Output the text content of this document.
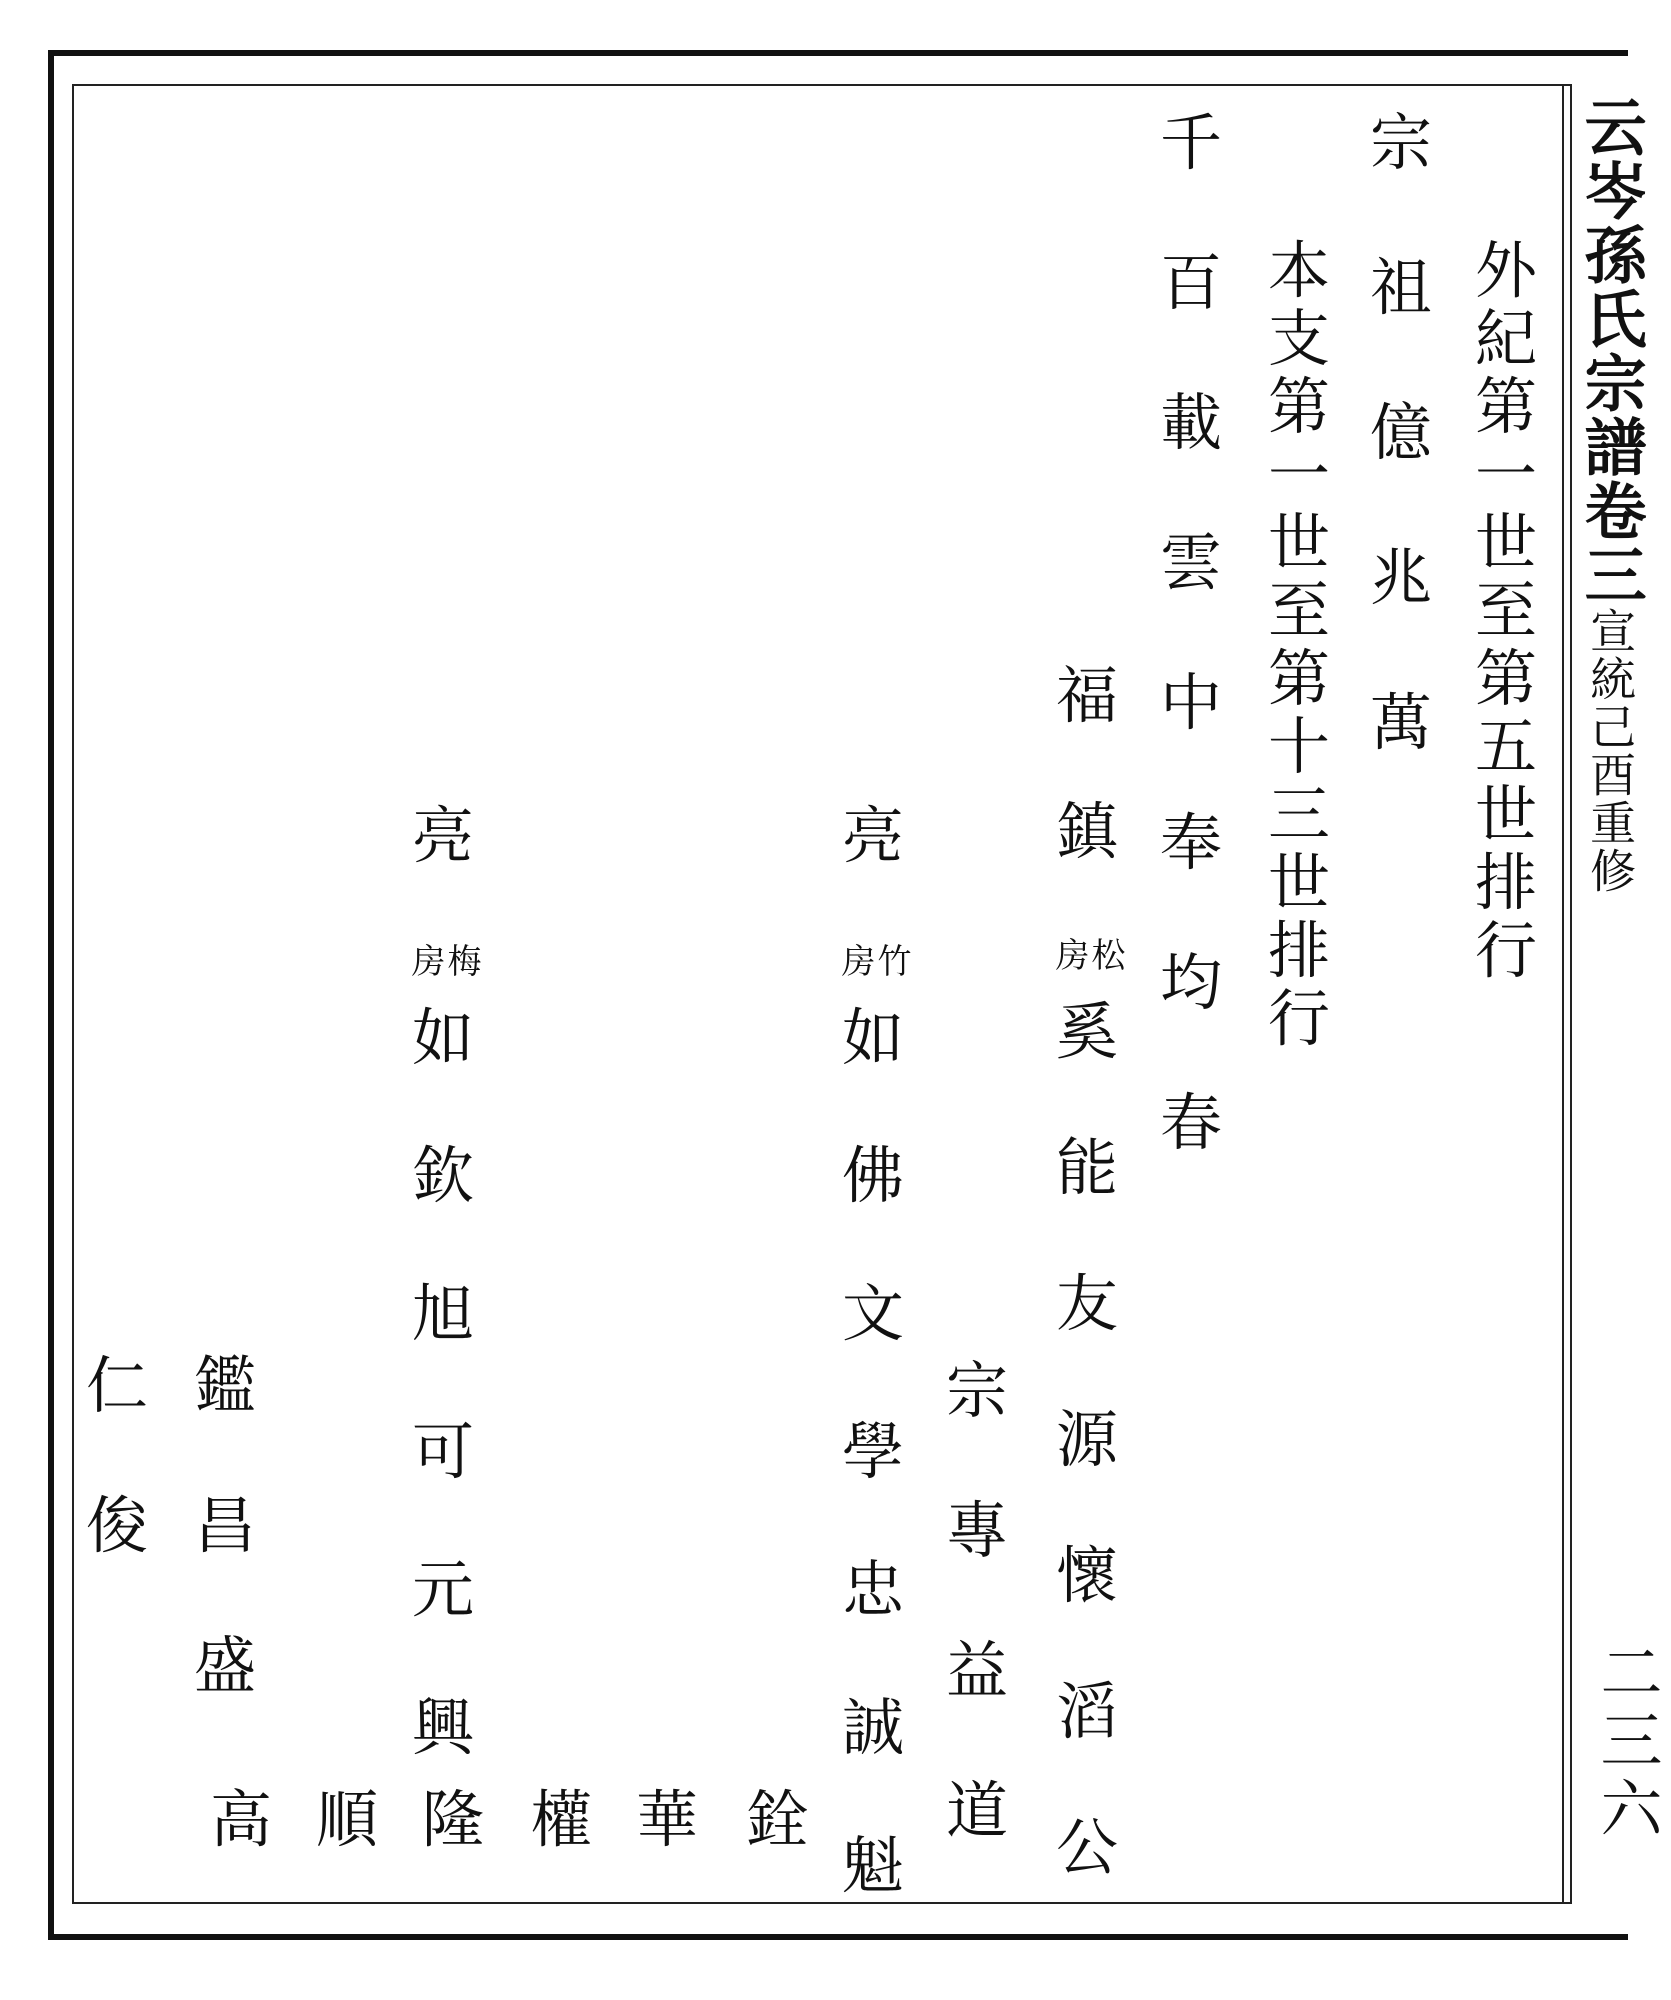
云岑孫氏宗譜卷三宣統己酉重修
二三六
外
紀
第
一
世
至
第
五
世
排
行
本
支
第
一
世
至
第
十
三
世
排
行
宗
祖
億
兆
萬
千
百
載
雲
中
奉
均
春
福
鎮
松
房
奚
能
友
源
懷
滔
公
宗
專
益
道
亮
竹
房
如
佛
文
學
忠
誠
魁
亮
梅
房
如
欽
旭
可
元
興
鑑
昌
盛
仁
俊
銓
華
權
隆
順
高
